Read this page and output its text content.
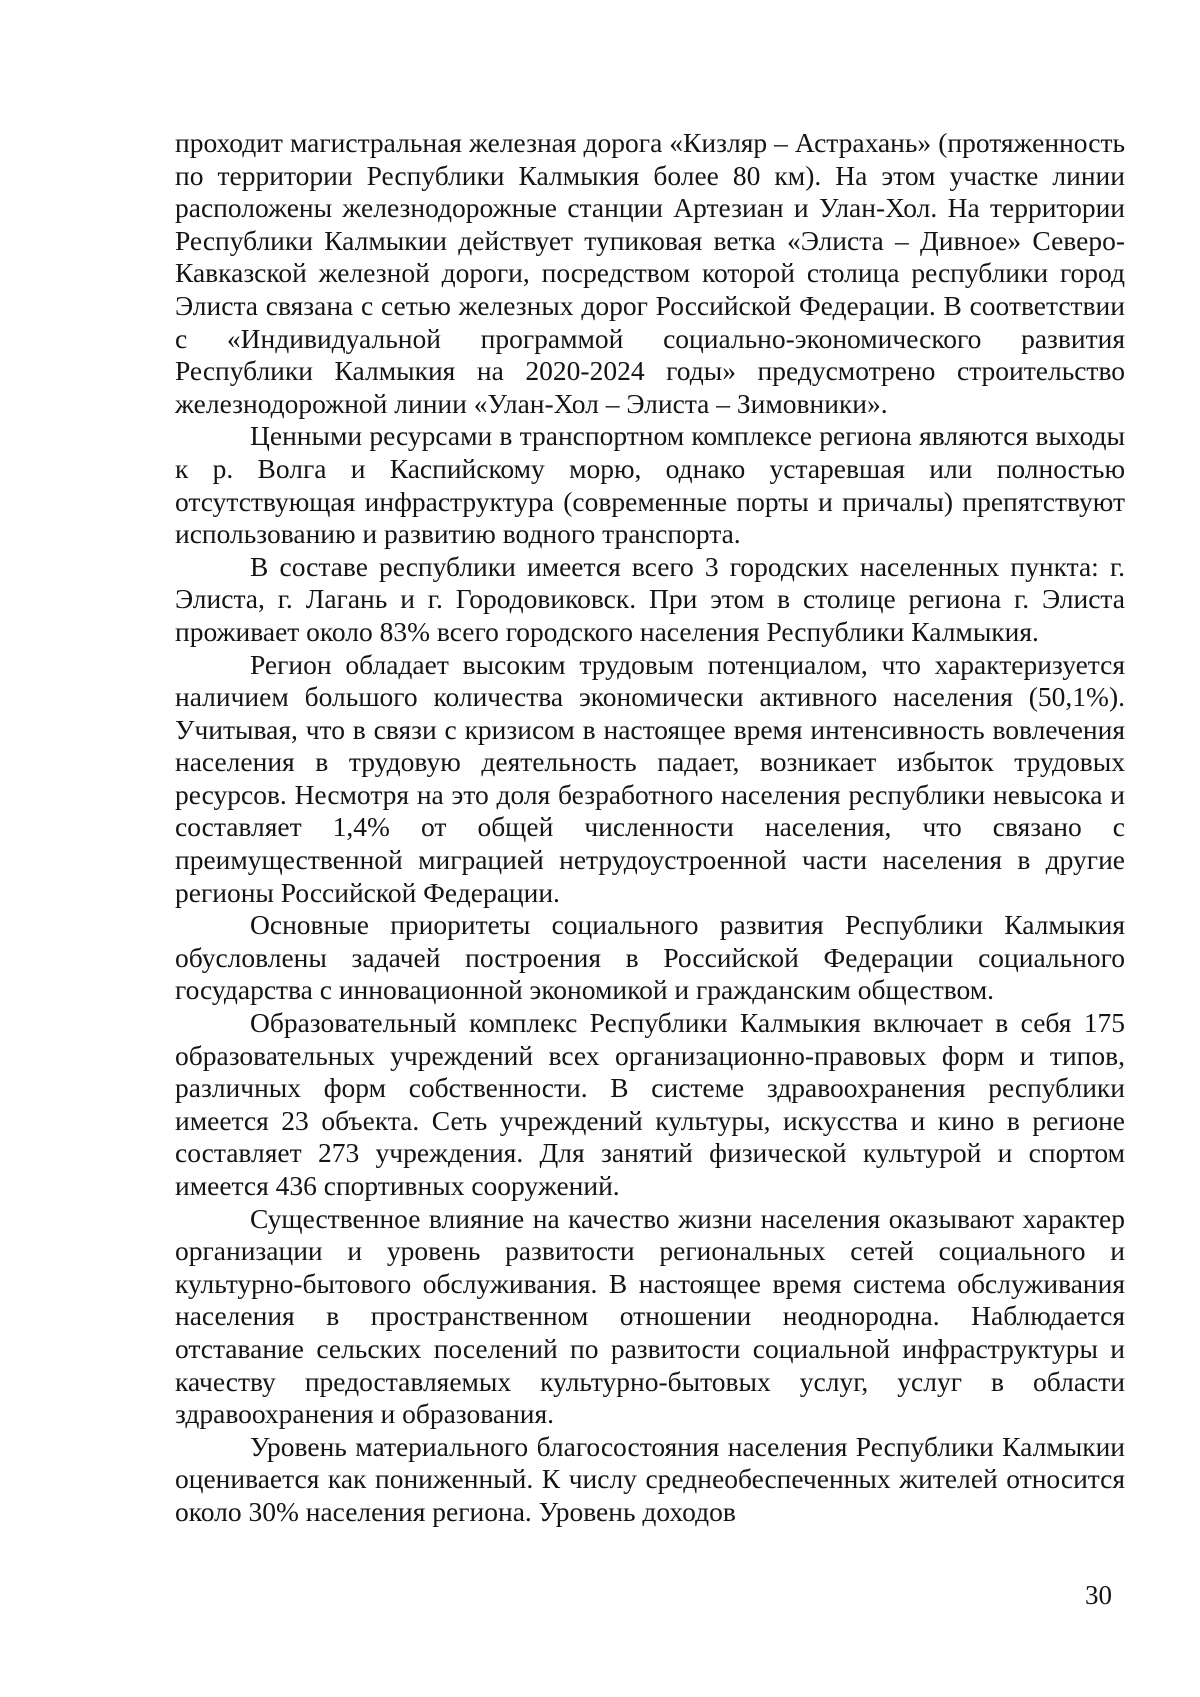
проходит магистральная железная дорога «Кизляр – Астрахань» (протяженность по территории Республики Калмыкия более 80 км). На этом участке линии расположены железнодорожные станции Артезиан и Улан-Хол. На территории Республики Калмыкии действует тупиковая ветка «Элиста – Дивное» Северо-Кавказской железной дороги, посредством которой столица республики город Элиста связана с сетью железных дорог Российской Федерации. В соответствии с «Индивидуальной программой социально-экономического развития Республики Калмыкия на 2020-2024 годы» предусмотрено строительство железнодорожной линии «Улан-Хол – Элиста – Зимовники».

Ценными ресурсами в транспортном комплексе региона являются выходы к р. Волга и Каспийскому морю, однако устаревшая или полностью отсутствующая инфраструктура (современные порты и причалы) препятствуют использованию и развитию водного транспорта.

В составе республики имеется всего 3 городских населенных пункта: г. Элиста, г. Лагань и г. Городовиковск. При этом в столице региона г. Элиста проживает около 83% всего городского населения Республики Калмыкия.

Регион обладает высоким трудовым потенциалом, что характеризуется наличием большого количества экономически активного населения (50,1%). Учитывая, что в связи с кризисом в настоящее время интенсивность вовлечения населения в трудовую деятельность падает, возникает избыток трудовых ресурсов. Несмотря на это доля безработного населения республики невысока и составляет 1,4% от общей численности населения, что связано с преимущественной миграцией нетрудоустроенной части населения в другие регионы Российской Федерации.

Основные приоритеты социального развития Республики Калмыкия обусловлены задачей построения в Российской Федерации социального государства с инновационной экономикой и гражданским обществом.

Образовательный комплекс Республики Калмыкия включает в себя 175 образовательных учреждений всех организационно-правовых форм и типов, различных форм собственности. В системе здравоохранения республики имеется 23 объекта. Сеть учреждений культуры, искусства и кино в регионе составляет 273 учреждения. Для занятий физической культурой и спортом имеется 436 спортивных сооружений.

Существенное влияние на качество жизни населения оказывают характер организации и уровень развитости региональных сетей социального и культурно-бытового обслуживания. В настоящее время система обслуживания населения в пространственном отношении неоднородна. Наблюдается отставание сельских поселений по развитости социальной инфраструктуры и качеству предоставляемых культурно-бытовых услуг, услуг в области здравоохранения и образования.

Уровень материального благосостояния населения Республики Калмыкии оценивается как пониженный. К числу среднеобеспеченных жителей относится около 30% населения региона. Уровень доходов

30
